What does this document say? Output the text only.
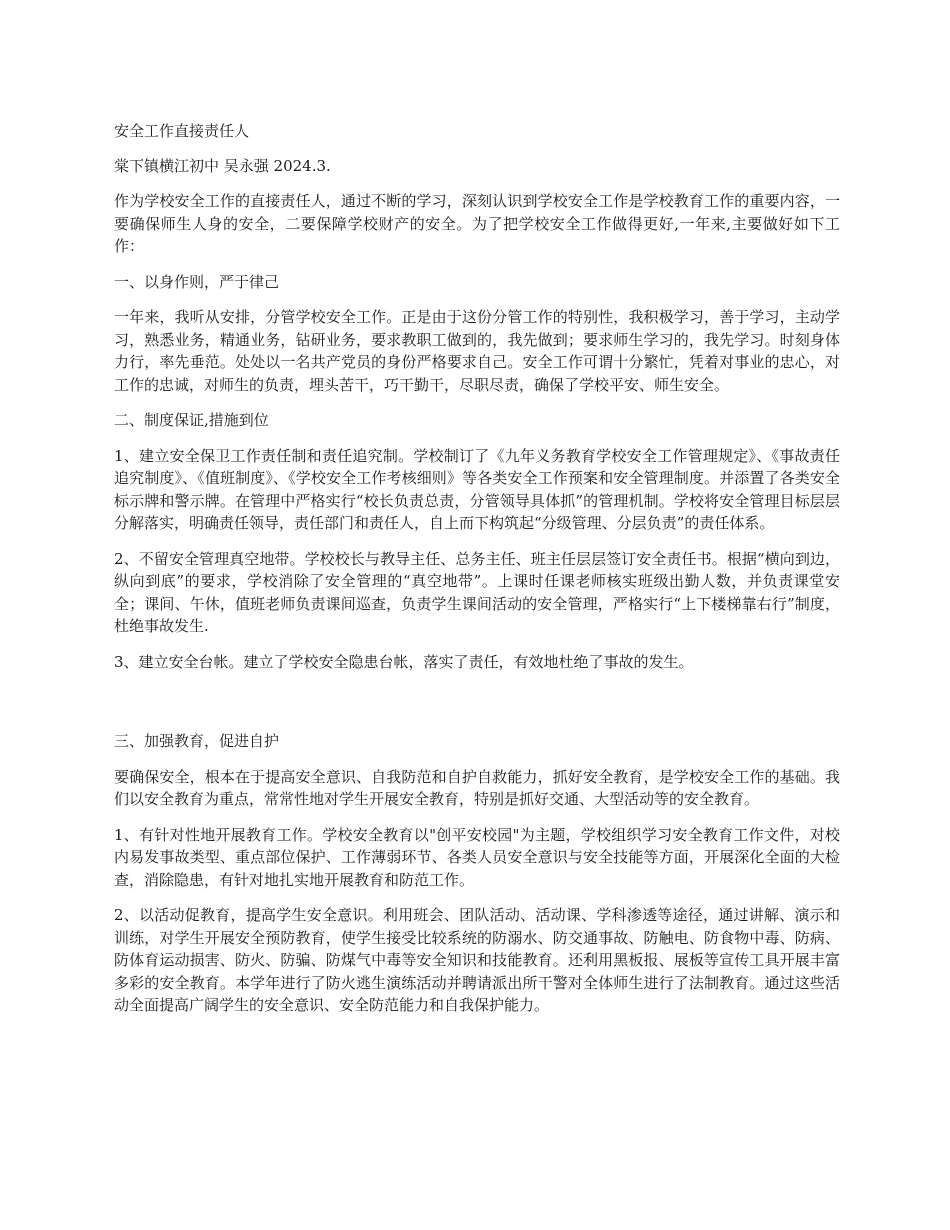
安全工作直接责任人

棠下镇横江初中 吴永强 2024.3.

作为学校安全工作的直接责任人，通过不断的学习，深刻认识到学校安全工作是学校教育工作的重要内容，一要确保师生人身的安全，二要保障学校财产的安全。为了把学校安全工作做得更好,一年来,主要做好如下工作：

一、以身作则，严于律己

一年来，我听从安排，分管学校安全工作。正是由于这份分管工作的特别性，我积极学习，善于学习，主动学习，熟悉业务，精通业务，钻研业务，要求教职工做到的，我先做到；要求师生学习的，我先学习。时刻身体力行，率先垂范。处处以一名共产党员的身份严格要求自己。安全工作可谓十分繁忙，凭着对事业的忠心，对工作的忠诚，对师生的负责，埋头苦干，巧干勤干，尽职尽责，确保了学校平安、师生安全。

二、制度保证,措施到位

1、建立安全保卫工作责任制和责任追究制。学校制订了《九年义务教育学校安全工作管理规定》、《事故责任追究制度》、《值班制度》、《学校安全工作考核细则》等各类安全工作预案和安全管理制度。并添置了各类安全标示牌和警示牌。在管理中严格实行“校长负责总责，分管领导具体抓”的管理机制。学校将安全管理目标层层分解落实，明确责任领导，责任部门和责任人，自上而下构筑起“分级管理、分层负责”的责任体系。

2、不留安全管理真空地带。学校校长与教导主任、总务主任、班主任层层签订安全责任书。根据“横向到边，纵向到底”的要求，学校消除了安全管理的“真空地带”。上课时任课老师核实班级出勤人数，并负责课堂安全；课间、午休，值班老师负责课间巡查，负责学生课间活动的安全管理，严格实行“上下楼梯靠右行”制度，杜绝事故发生.

3、建立安全台帐。建立了学校安全隐患台帐，落实了责任，有效地杜绝了事故的发生。

三、加强教育，促进自护

要确保安全，根本在于提高安全意识、自我防范和自护自救能力，抓好安全教育，是学校安全工作的基础。我们以安全教育为重点，常常性地对学生开展安全教育，特别是抓好交通、大型活动等的安全教育。

1、有针对性地开展教育工作。学校安全教育以"创平安校园"为主题，学校组织学习安全教育工作文件，对校内易发事故类型、重点部位保护、工作薄弱环节、各类人员安全意识与安全技能等方面，开展深化全面的大检查，消除隐患，有针对地扎实地开展教育和防范工作。

2、以活动促教育，提高学生安全意识。利用班会、团队活动、活动课、学科渗透等途径，通过讲解、演示和训练，对学生开展安全预防教育，使学生接受比较系统的防溺水、防交通事故、防触电、防食物中毒、防病、防体育运动损害、防火、防骗、防煤气中毒等安全知识和技能教育。还利用黑板报、展板等宣传工具开展丰富多彩的安全教育。本学年进行了防火逃生演练活动并聘请派出所干警对全体师生进行了法制教育。通过这些活动全面提高广阔学生的安全意识、安全防范能力和自我保护能力。
